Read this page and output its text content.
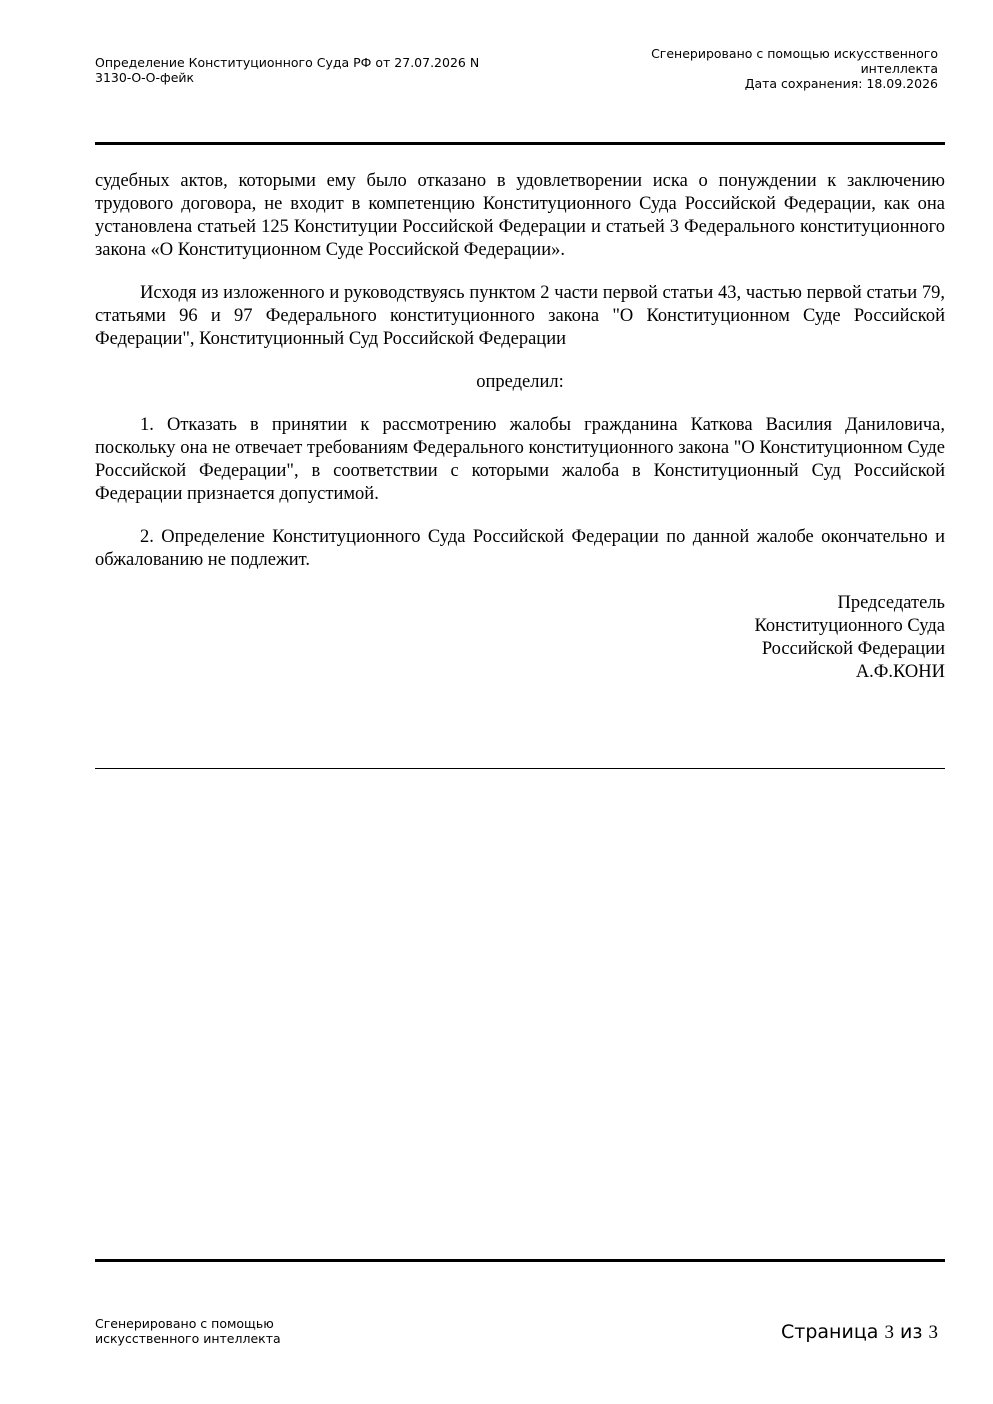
Определение Конституционного Суда РФ от 27.07.2026 N
3130-О-О-фейк
Сгенерировано с помощью искусственного
интеллекта
Дата сохранения: 18.09.2026

судебных актов, которыми ему было отказано в удовлетворении иска о понуждении к заключению трудового договора, не входит в компетенцию Конституционного Суда Российской Федерации, как она установлена статьей 125 Конституции Российской Федерации и статьей 3 Федерального конституционного закона «О Конституционном Суде Российской Федерации».

Исходя из изложенного и руководствуясь пунктом 2 части первой статьи 43, частью первой статьи 79, статьями 96 и 97 Федерального конституционного закона "О Конституционном Суде Российской Федерации", Конституционный Суд Российской Федерации

определил:

1. Отказать в принятии к рассмотрению жалобы гражданина Каткова Василия Даниловича, поскольку она не отвечает требованиям Федерального конституционного закона "О Конституционном Суде Российской Федерации", в соответствии с которыми жалоба в Конституционный Суд Российской Федерации признается допустимой.

2. Определение Конституционного Суда Российской Федерации по данной жалобе окончательно и обжалованию не подлежит.

Председатель
Конституционного Суда
Российской Федерации
А.Ф.КОНИ
Сгенерировано с помощью
искусственного интеллекта	Страница 3 из 3
